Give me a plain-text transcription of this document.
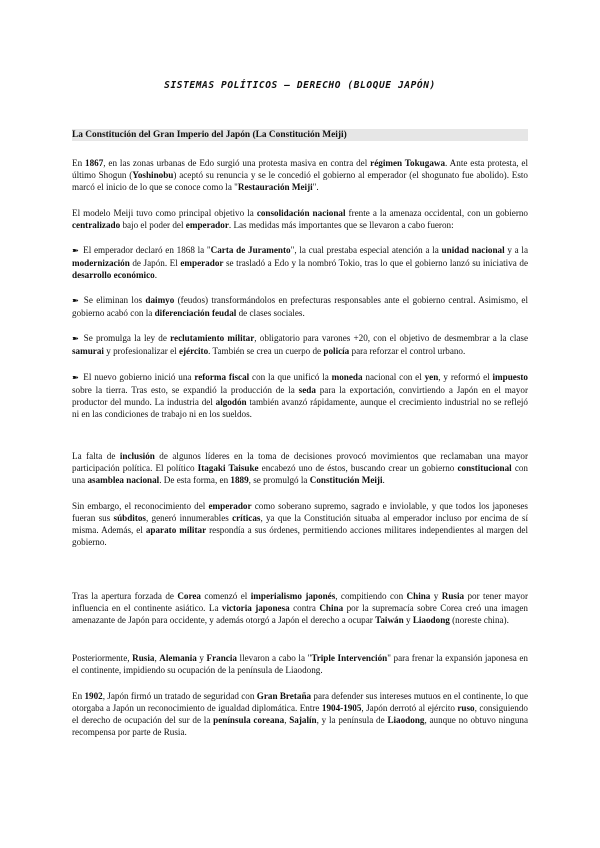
SISTEMAS POLÍTICOS – DERECHO (BLOQUE JAPÓN)
La Constitución del Gran Imperio del Japón (La Constitución Meiji)

En 1867, en las zonas urbanas de Edo surgió una protesta masiva en contra del régimen Tokugawa. Ante esta protesta, el último Shogun (Yoshinobu) aceptó su renuncia y se le concedió el gobierno al emperador (el shogunato fue abolido). Esto marcó el inicio de lo que se conoce como la "Restauración Meiji".

El modelo Meiji tuvo como principal objetivo la consolidación nacional frente a la amenaza occidental, con un gobierno centralizado bajo el poder del emperador. Las medidas más importantes que se llevaron a cabo fueron:

➽ El emperador declaró en 1868 la "Carta de Juramento", la cual prestaba especial atención a la unidad nacional y a la modernización de Japón. El emperador se trasladó a Edo y la nombró Tokio, tras lo que el gobierno lanzó su iniciativa de desarrollo económico.

➽ Se eliminan los daimyo (feudos) transformándolos en prefecturas responsables ante el gobierno central. Asimismo, el gobierno acabó con la diferenciación feudal de clases sociales.

➽ Se promulga la ley de reclutamiento militar, obligatorio para varones +20, con el objetivo de desmembrar a la clase samurai y profesionalizar el ejército. También se crea un cuerpo de policía para reforzar el control urbano.

➽ El nuevo gobierno inició una reforma fiscal con la que unificó la moneda nacional con el yen, y reformó el impuesto sobre la tierra. Tras esto, se expandió la producción de la seda para la exportación, convirtiendo a Japón en el mayor productor del mundo. La industria del algodón también avanzó rápidamente, aunque el crecimiento industrial no se reflejó ni en las condiciones de trabajo ni en los sueldos.

La falta de inclusión de algunos líderes en la toma de decisiones provocó movimientos que reclamaban una mayor participación política. El político Itagaki Taisuke encabezó uno de éstos, buscando crear un gobierno constitucional con una asamblea nacional. De esta forma, en 1889, se promulgó la Constitución Meiji.

Sin embargo, el reconocimiento del emperador como soberano supremo, sagrado e inviolable, y que todos los japoneses fueran sus súbditos, generó innumerables críticas, ya que la Constitución situaba al emperador incluso por encima de sí misma. Además, el aparato militar respondía a sus órdenes, permitiendo acciones militares independientes al margen del gobierno.

Tras la apertura forzada de Corea comenzó el imperialismo japonés, compitiendo con China y Rusia por tener mayor influencia en el continente asiático. La victoria japonesa contra China por la supremacía sobre Corea creó una imagen amenazante de Japón para occidente, y además otorgó a Japón el derecho a ocupar Taiwán y Liaodong (noreste china).

Posteriormente, Rusia, Alemania y Francia llevaron a cabo la "Triple Intervención" para frenar la expansión japonesa en el continente, impidiendo su ocupación de la península de Liaodong.

En 1902, Japón firmó un tratado de seguridad con Gran Bretaña para defender sus intereses mutuos en el continente, lo que otorgaba a Japón un reconocimiento de igualdad diplomática. Entre 1904-1905, Japón derrotó al ejército ruso, consiguiendo el derecho de ocupación del sur de la península coreana, Sajalín, y la península de Liaodong, aunque no obtuvo ninguna recompensa por parte de Rusia.
